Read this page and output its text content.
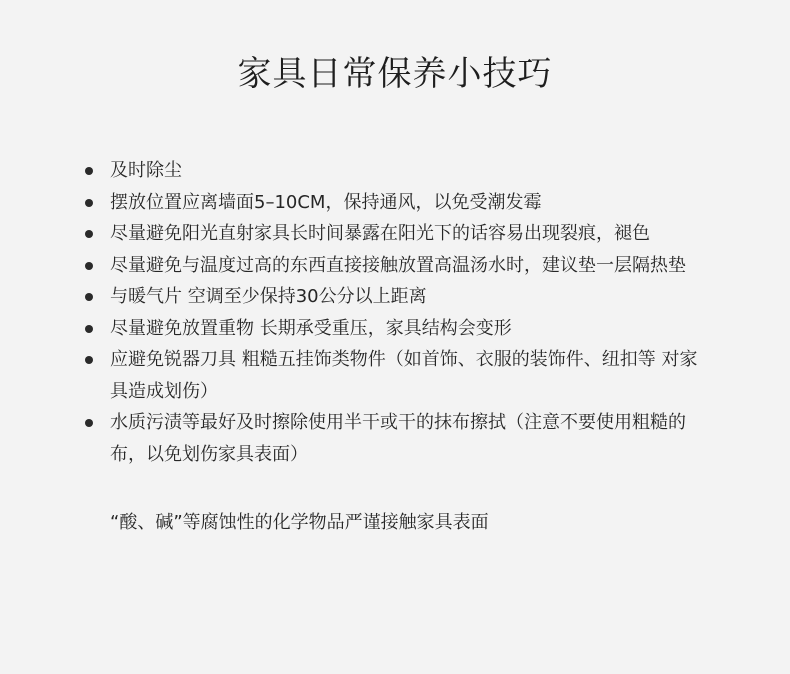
家具日常保养小技巧
及时除尘
摆放位置应离墙面5–10CM，保持通风，以免受潮发霉
尽量避免阳光直射家具长时间暴露在阳光下的话容易出现裂痕，褪色
尽量避免与温度过高的东西直接接触放置高温汤水时，建议垫一层隔热垫
与暖气片 空调至少保持30公分以上距离
尽量避免放置重物 长期承受重压，家具结构会变形
应避免锐器刀具 粗糙五挂饰类物件（如首饰、衣服的装饰件、纽扣等 对家具造成划伤）
水质污渍等最好及时擦除使用半干或干的抹布擦拭（注意不要使用粗糙的布，以免划伤家具表面）
“酸、碱”等腐蚀性的化学物品严谨接触家具表面
